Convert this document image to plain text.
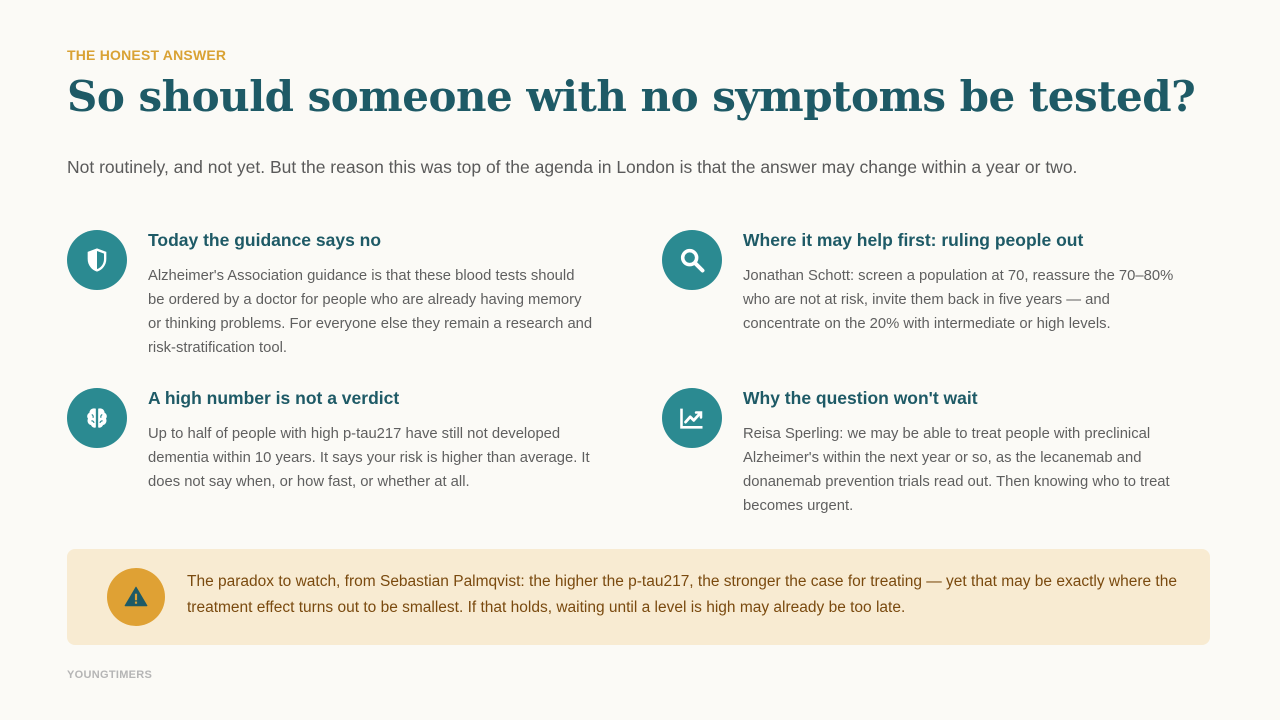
THE HONEST ANSWER
So should someone with no symptoms be tested?
Not routinely, and not yet. But the reason this was top of the agenda in London is that the answer may change within a year or two.
Today the guidance says no

Alzheimer's Association guidance is that these blood tests should be ordered by a doctor for people who are already having memory or thinking problems. For everyone else they remain a research and risk-stratification tool.

Where it may help first: ruling people out

Jonathan Schott: screen a population at 70, reassure the 70–80% who are not at risk, invite them back in five years — and concentrate on the 20% with intermediate or high levels.

A high number is not a verdict

Up to half of people with high p-tau217 have still not developed dementia within 10 years. It says your risk is higher than average. It does not say when, or how fast, or whether at all.

Why the question won't wait

Reisa Sperling: we may be able to treat people with preclinical Alzheimer's within the next year or so, as the lecanemab and donanemab prevention trials read out. Then knowing who to treat becomes urgent.

The paradox to watch, from Sebastian Palmqvist: the higher the p-tau217, the stronger the case for treating — yet that may be exactly where the treatment effect turns out to be smallest. If that holds, waiting until a level is high may already be too late.

YOUNGTIMERS
